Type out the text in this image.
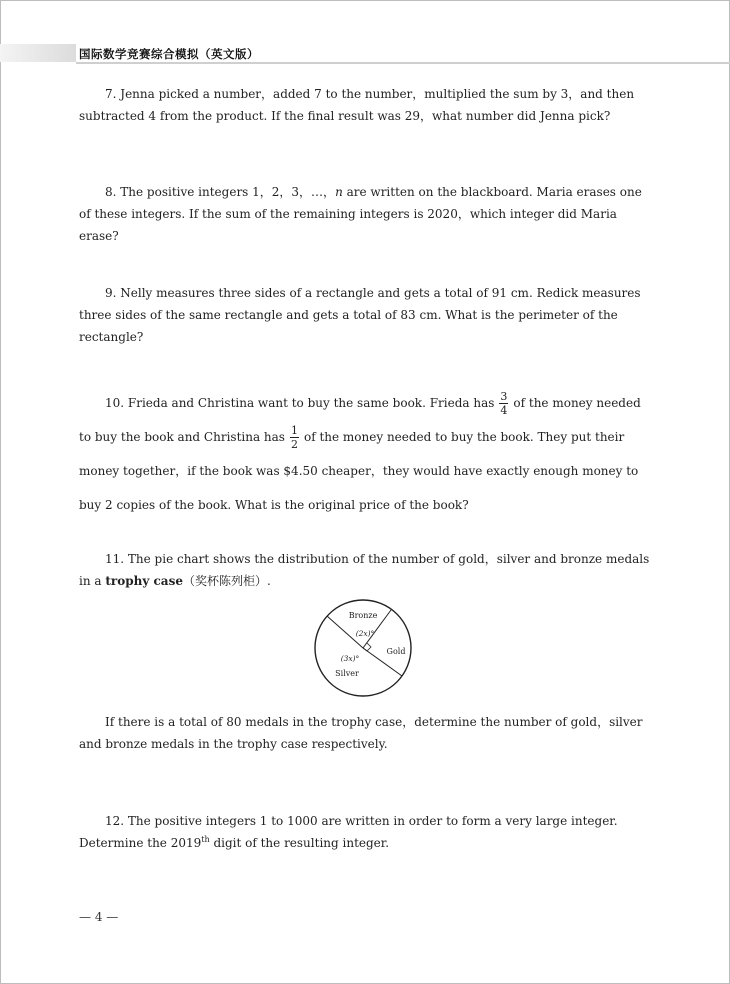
国际数学竞赛综合模拟（英文版）
7. Jenna picked a number，added 7 to the number，multiplied the sum by 3，and then subtracted 4 from the product. If the final result was 29，what number did Jenna pick?
8. The positive integers 1，2，3，…，n are written on the blackboard. Maria erases one of these integers. If the sum of the remaining integers is 2020，which integer did Maria erase?
9. Nelly measures three sides of a rectangle and gets a total of 91 cm. Redick measures three sides of the same rectangle and gets a total of 83 cm. What is the perimeter of the rectangle?
10. Frieda and Christina want to buy the same book. Frieda has $\frac{3}{4}$ of the money needed to buy the book and Christina has $\frac{1}{2}$ of the money needed to buy the book. They put their money together，if the book was $4.50 cheaper，they would have exactly enough money to buy 2 copies of the book. What is the original price of the book?
11. The pie chart shows the distribution of the number of gold，silver and bronze medals in a trophy case（奖杯陈列柜）.
Bronze
(2x)°
Gold
(3x)°
Silver
If there is a total of 80 medals in the trophy case，determine the number of gold，silver and bronze medals in the trophy case respectively.
12. The positive integers 1 to 1000 are written in order to form a very large integer. Determine the 2019th digit of the resulting integer.
— 4 —
